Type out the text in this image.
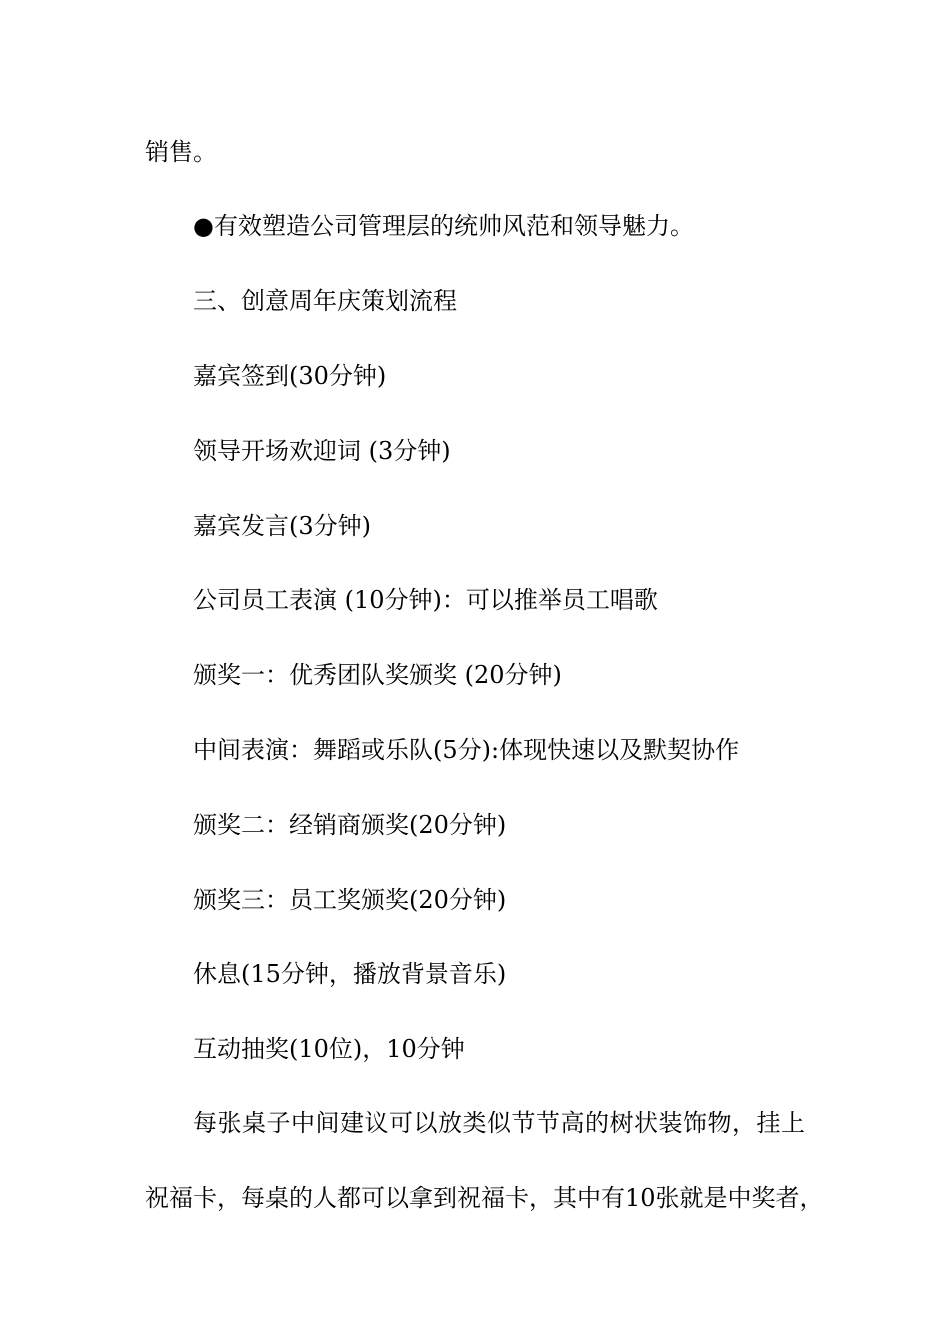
销售。
●有效塑造公司管理层的统帅风范和领导魅力。
三、创意周年庆策划流程
嘉宾签到(30分钟)
领导开场欢迎词 (3分钟)
嘉宾发言(3分钟)
公司员工表演 (10分钟)：可以推举员工唱歌
颁奖一：优秀团队奖颁奖 (20分钟)
中间表演：舞蹈或乐队(5分):体现快速以及默契协作
颁奖二：经销商颁奖(20分钟)
颁奖三：员工奖颁奖(20分钟)
休息(15分钟，播放背景音乐)
互动抽奖(10位)，10分钟
每张桌子中间建议可以放类似节节高的树状装饰物，挂上
祝福卡，每桌的人都可以拿到祝福卡，其中有10张就是中奖者，
